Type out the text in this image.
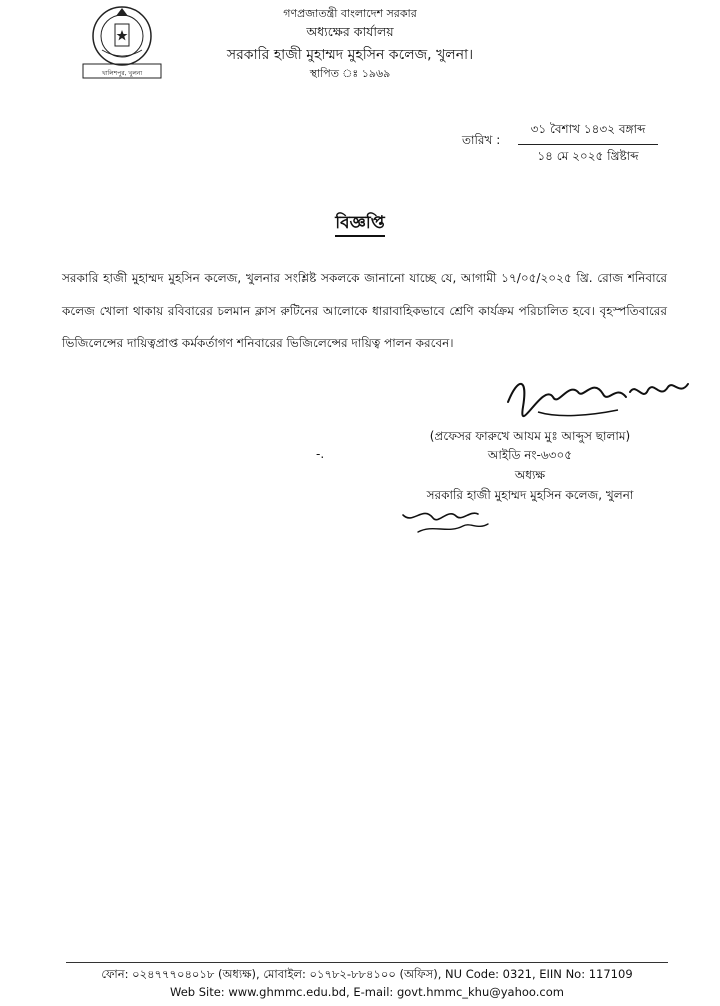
খালিশপুর, খুলনা
গণপ্রজাতন্ত্রী বাংলাদেশ সরকার
অধ্যক্ষের কার্যালয়
সরকারি হাজী মুহাম্মদ মুহসিন কলেজ, খুলনা।
স্থাপিত ঃ ১৯৬৯
তারিখ :
৩১ বৈশাখ ১৪৩২ বঙ্গাব্দ
১৪ মে ২০২৫ খ্রিষ্টাব্দ
বিজ্ঞপ্তি
সরকারি হাজী মুহাম্মদ মুহসিন কলেজ, খুলনার সংশ্লিষ্ট সকলকে জানানো যাচ্ছে যে, আগামী ১৭/০৫/২০২৫ খ্রি. রোজ শনিবারে কলেজ খোলা থাকায় রবিবারের চলমান ক্লাস রুটিনের আলোকে ধারাবাহিকভাবে শ্রেণি কার্যক্রম পরিচালিত হবে। বৃহস্পতিবারের ভিজিলেন্সের দায়িত্বপ্রাপ্ত কর্মকর্তাগণ শনিবারের ভিজিলেন্সের দায়িত্ব পালন করবেন।
(প্রফেসর ফারুখে আযম মুঃ আব্দুস ছালাম)
আইডি নং-৬৩০৫
অধ্যক্ষ
সরকারি হাজী মুহাম্মদ মুহসিন কলেজ, খুলনা
-.
ফোন: ০২৪৭৭৭০৪০১৮ (অধ্যক্ষ), মোবাইল: ০১৭৮২-৮৮৪১০০ (অফিস), NU Code: 0321, EIIN No: 117109
Web Site: www.ghmmc.edu.bd, E-mail: govt.hmmc_khu@yahoo.com
